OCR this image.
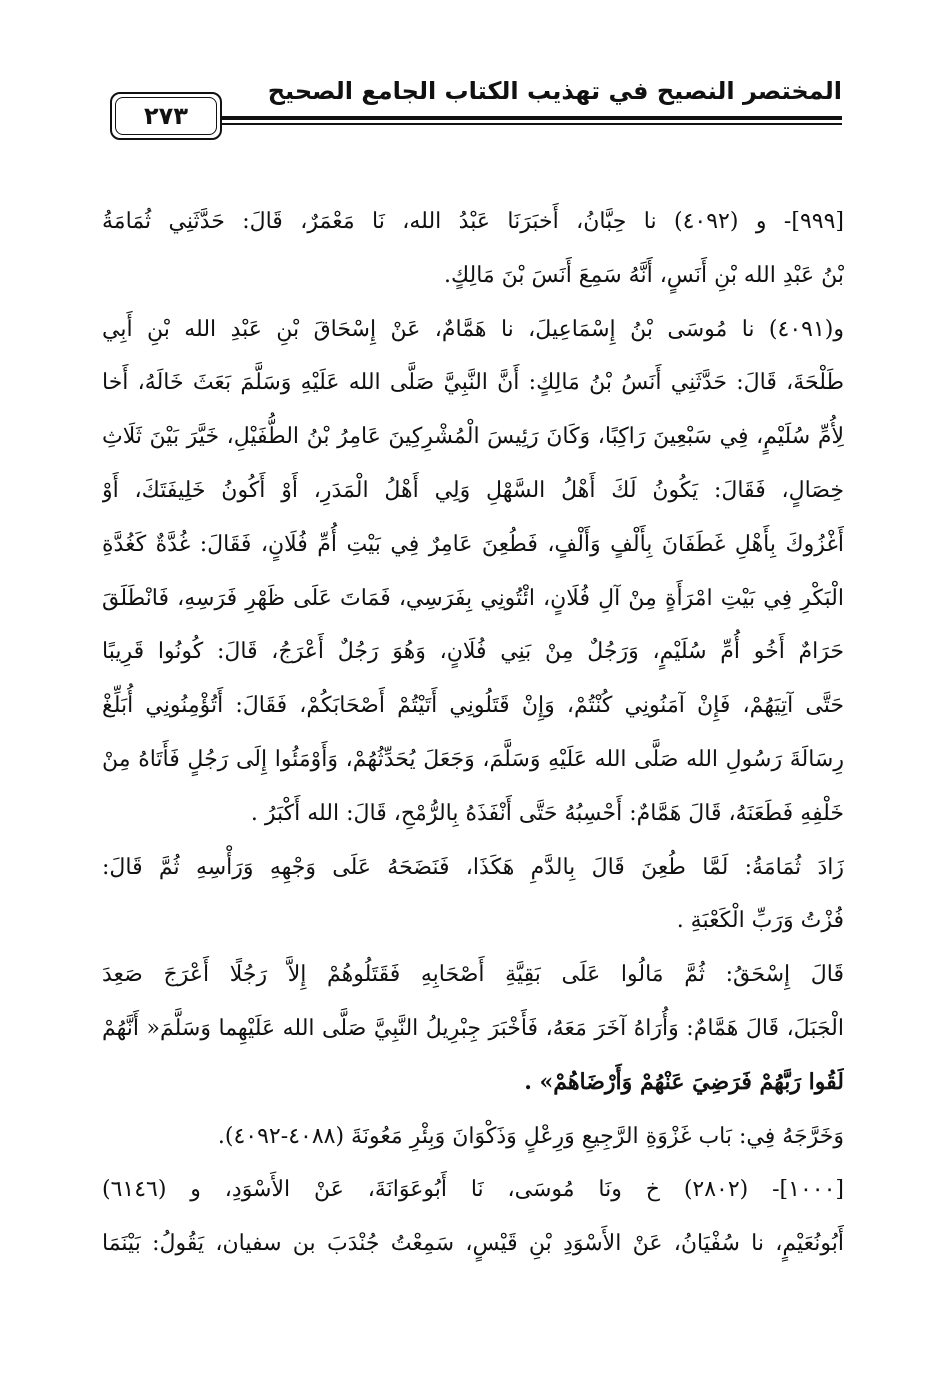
المختصر النصيح في تهذيب الكتاب الجامع الصحيح
٢٧٣
[٩٩٩]- و (٤٠٩٢) نا حِبَّانُ، أَخبَرَنَا عَبْدُ الله، نَا مَعْمَرٌ، قَالَ: حَدَّثَنِي ثُمَامَةُ
بْنُ عَبْدِ الله بْنِ أَنَسٍ، أَنَّهُ سَمِعَ أَنَسَ بْنَ مَالِكٍ.
و(٤٠٩١) نا مُوسَى بْنُ إِسْمَاعِيلَ، نا هَمَّامٌ، عَنْ إِسْحَاقَ بْنِ عَبْدِ الله بْنِ أَبِي
طَلْحَةَ، قَالَ: حَدَّثَنِي أَنَسُ بْنُ مَالِكٍ: أَنَّ النَّبِيَّ صَلَّى الله عَلَيْهِ وَسَلَّمَ بَعَثَ خَالَهُ، أَخا
لِأُمِّ سُلَيْمٍ، فِي سَبْعِينَ رَاكِبًا، وَكَانَ رَئِيسَ الْمُشْرِكِينَ عَامِرُ بْنُ الطُّفَيْلِ، خَيَّرَ بَيْنَ ثَلَاثِ
خِصَالٍ، فَقَالَ: يَكُونُ لَكَ أَهْلُ السَّهْلِ وَلِي أَهْلُ الْمَدَرِ، أَوْ أَكُونُ خَلِيفَتَكَ، أَوْ
أَغْزُوكَ بِأَهْلِ غَطَفَانَ بِأَلْفٍ وَأَلْفٍ، فَطُعِنَ عَامِرٌ فِي بَيْتِ أُمِّ فُلَانٍ، فَقَالَ: غُدَّةٌ كَغُدَّةِ
الْبَكْرِ فِي بَيْتِ امْرَأَةٍ مِنْ آلِ فُلَانٍ، ائْتُونِي بِفَرَسِي، فَمَاتَ عَلَى ظَهْرِ فَرَسِهِ، فَانْطَلَقَ
حَرَامٌ أَخُو أُمِّ سُلَيْمٍ، وَرَجُلٌ مِنْ بَنِي فُلَانٍ، وَهُوَ رَجُلٌ أَعْرَجُ، قَالَ: كُونُوا قَرِيبًا
حَتَّى آتِيَهُمْ، فَإِنْ آمَنُونِي كُنْتُمْ، وَإِنْ قَتَلُونِي أَتَيْتُمْ أَصْحَابَكُمْ، فَقَالَ: أَتُؤْمِنُونِي أُبَلِّغْ
رِسَالَةَ رَسُولِ الله صَلَّى الله عَلَيْهِ وَسَلَّمَ، وَجَعَلَ يُحَدِّثُهُمْ، وَأَوْمَئُوا إِلَى رَجُلٍ فَأَتَاهُ مِنْ
خَلْفِهِ فَطَعَنَهُ، قَالَ هَمَّامٌ: أَحْسِبُهُ حَتَّى أَنْفَذَهُ بِالرُّمْحِ، قَالَ: الله أَكْبَرُ .
زَادَ ثُمَامَةُ: لَمَّا طُعِنَ قَالَ بِالدَّمِ هَكَذَا، فَنَضَحَهُ عَلَى وَجْهِهِ وَرَأْسِهِ ثُمَّ قَالَ:
فُزْتُ وَرَبِّ الْكَعْبَةِ .
قَالَ إِسْحَقُ: ثُمَّ مَالُوا عَلَى بَقِيَّةِ أَصْحَابِهِ فَقَتَلُوهُمْ إِلاَّ رَجُلًا أَعْرَجَ صَعِدَ
الْجَبَلَ، قَالَ هَمَّامٌ: وَأُرَاهُ آخَرَ مَعَهُ، فَأَخْبَرَ جِبْرِيلُ النَّبِيَّ صَلَّى الله عَلَيْهِما وَسَلَّمَ« أَنَّهُمْ
لَقُوا رَبَّهُمْ فَرَضِيَ عَنْهُمْ وَأَرْضَاهُمْ» .
وَخَرَّجَهُ فِي: بَاب غَزْوَةِ الرَّجِيعِ وَرِعْلٍ وَذَكْوَانَ وَبِئْرِ مَعُونَةَ (٤٠٨٨-٤٠٩٢).
[١٠٠٠]- (٢٨٠٢) خ ونَا مُوسَى، نَا أَبُوعَوَانَةَ، عَنْ الأَسْوَدِ، و (٦١٤٦)
أَبُونُعَيْمٍ، نا سُفْيَانُ، عَنْ الأَسْوَدِ بْنِ قَيْسٍ، سَمِعْتُ جُنْدَبَ بن سفيان، يَقُولُ: بَيْنَمَا
